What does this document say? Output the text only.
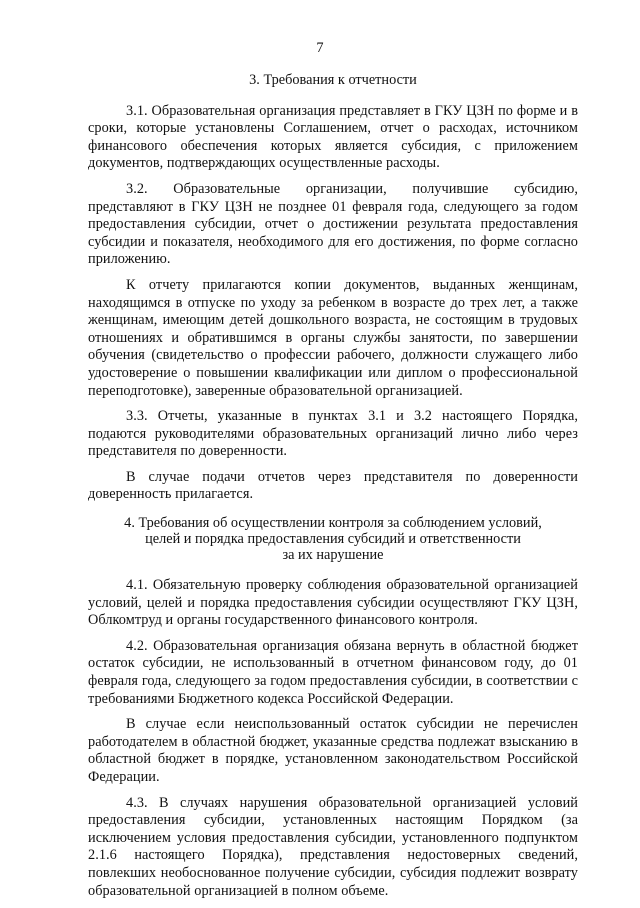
7
3. Требования к отчетности

3.1. Образовательная организация представляет в ГКУ ЦЗН по форме и в сроки, которые установлены Соглашением, отчет о расходах, источником финансового обеспечения которых является субсидия, с приложением документов, подтверждающих осуществленные расходы.

3.2. Образовательные организации, получившие субсидию, представляют в ГКУ ЦЗН не позднее 01 февраля года, следующего за годом предоставления субсидии, отчет о достижении результата предоставления субсидии и показателя, необходимого для его достижения, по форме согласно приложению.

К отчету прилагаются копии документов, выданных женщинам, находящимся в отпуске по уходу за ребенком в возрасте до трех лет, а также женщинам, имеющим детей дошкольного возраста, не состоящим в трудовых отношениях и обратившимся в органы службы занятости, по завершении обучения (свидетельство о профессии рабочего, должности служащего либо удостоверение о повышении квалификации или диплом о профессиональной переподготовке), заверенные образовательной организацией.

3.3. Отчеты, указанные в пунктах 3.1 и 3.2 настоящего Порядка, подаются руководителями образовательных организаций лично либо через представителя по доверенности.

В случае подачи отчетов через представителя по доверенности доверенность прилагается.

4. Требования об осуществлении контроля за соблюдением условий,
целей и порядка предоставления субсидий и ответственности
за их нарушение

4.1. Обязательную проверку соблюдения образовательной организацией условий, целей и порядка предоставления субсидии осуществляют ГКУ ЦЗН, Облкомтруд и органы государственного финансового контроля.

4.2. Образовательная организация обязана вернуть в областной бюджет остаток субсидии, не использованный в отчетном финансовом году, до 01 февраля года, следующего за годом предоставления субсидии, в соответствии с требованиями Бюджетного кодекса Российской Федерации.

В случае если неиспользованный остаток субсидии не перечислен работодателем в областной бюджет, указанные средства подлежат взысканию в областной бюджет в порядке, установленном законодательством Российской Федерации.

4.3. В случаях нарушения образовательной организацией условий предоставления субсидии, установленных настоящим Порядком (за исключением условия предоставления субсидии, установленного подпунктом 2.1.6 настоящего Порядка), представления недостоверных сведений, повлекших необоснованное получение субсидии, субсидия подлежит возврату образовательной организацией в полном объеме.
